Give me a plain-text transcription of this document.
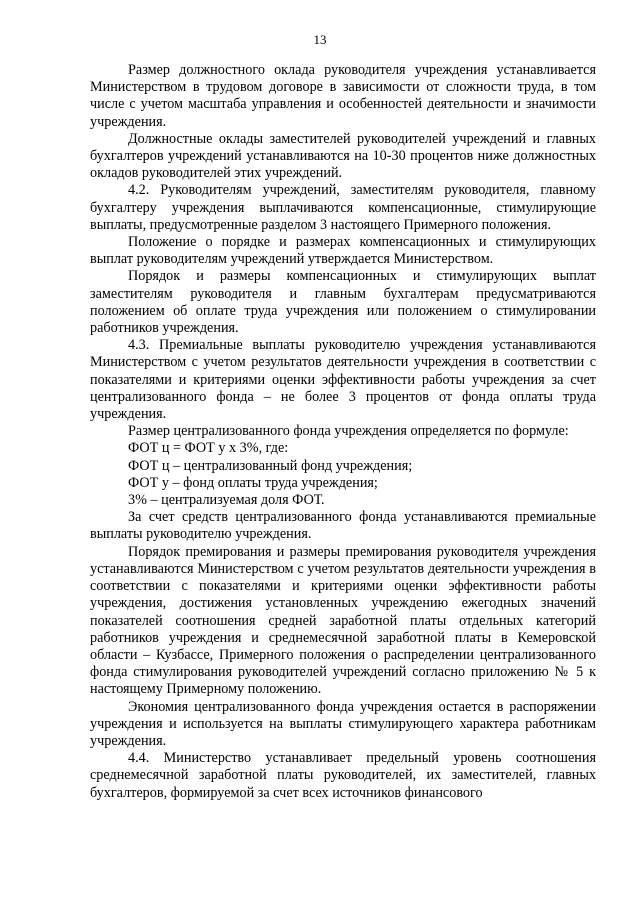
13

Размер должностного оклада руководителя учреждения устанавливается Министерством в трудовом договоре в зависимости от сложности труда, в том числе с учетом масштаба управления и особенностей деятельности и значимости учреждения.

Должностные оклады заместителей руководителей учреждений и главных бухгалтеров учреждений устанавливаются на 10-30 процентов ниже должностных окладов руководителей этих учреждений.

4.2. Руководителям учреждений, заместителям руководителя, главному бухгалтеру учреждения выплачиваются компенсационные, стимулирующие выплаты, предусмотренные разделом 3 настоящего Примерного положения.

Положение о порядке и размерах компенсационных и стимулирующих выплат руководителям учреждений утверждается Министерством.

Порядок и размеры компенсационных и стимулирующих выплат заместителям руководителя и главным бухгалтерам предусматриваются положением об оплате труда учреждения или положением о стимулировании работников учреждения.

4.3. Премиальные выплаты руководителю учреждения устанавливаются Министерством с учетом результатов деятельности учреждения в соответствии с показателями и критериями оценки эффективности работы учреждения за счет централизованного фонда – не более 3 процентов от фонда оплаты труда учреждения.

Размер централизованного фонда учреждения определяется по формуле:

ФОТ ц = ФОТ у х 3%, где:

ФОТ ц – централизованный фонд учреждения;

ФОТ у – фонд оплаты труда учреждения;

3% – централизуемая доля ФОТ.

За счет средств централизованного фонда устанавливаются премиальные выплаты руководителю учреждения.

Порядок премирования и размеры премирования руководителя учреждения устанавливаются Министерством с учетом результатов деятельности учреждения в соответствии с показателями и критериями оценки эффективности работы учреждения, достижения установленных учреждению ежегодных значений показателей соотношения средней заработной платы отдельных категорий работников учреждения и среднемесячной заработной платы в Кемеровской области – Кузбассе, Примерного положения о распределении централизованного фонда стимулирования руководителей учреждений согласно приложению № 5 к настоящему Примерному положению.

Экономия централизованного фонда учреждения остается в распоряжении учреждения и используется на выплаты стимулирующего характера работникам учреждения.

4.4. Министерство устанавливает предельный уровень соотношения среднемесячной заработной платы руководителей, их заместителей, главных бухгалтеров, формируемой за счет всех источников финансового
